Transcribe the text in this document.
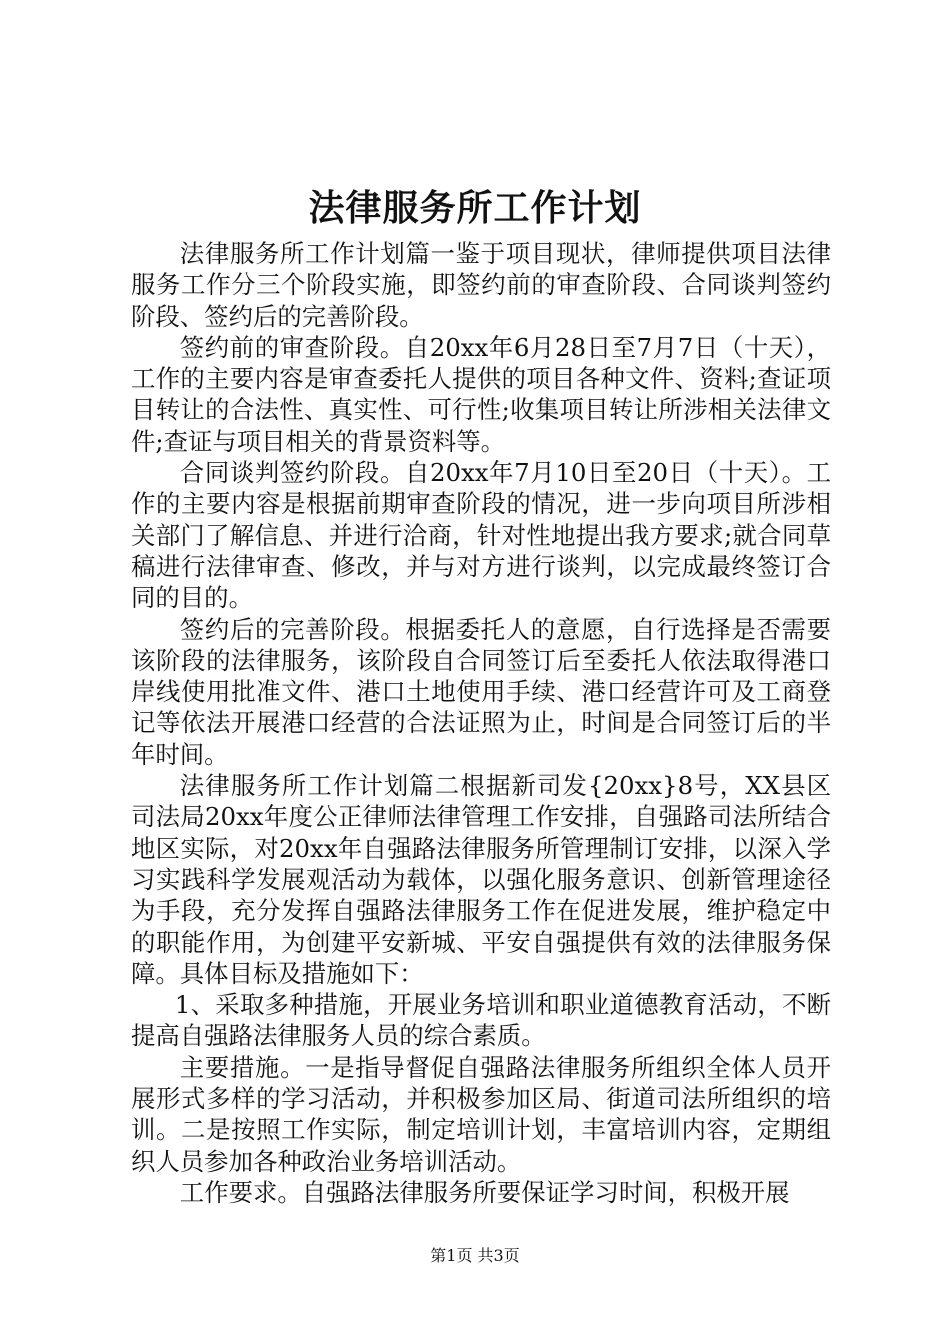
法律服务所工作计划

法律服务所工作计划篇一鉴于项目现状，律师提供项目法律服务工作分三个阶段实施，即签约前的审查阶段、合同谈判签约阶段、签约后的完善阶段。

签约前的审查阶段。自20xx年6月28日至7月7日（十天），工作的主要内容是审查委托人提供的项目各种文件、资料;查证项目转让的合法性、真实性、可行性;收集项目转让所涉相关法律文件;查证与项目相关的背景资料等。

合同谈判签约阶段。自20xx年7月10日至20日（十天）。工作的主要内容是根据前期审查阶段的情况，进一步向项目所涉相关部门了解信息、并进行洽商，针对性地提出我方要求;就合同草稿进行法律审查、修改，并与对方进行谈判，以完成最终签订合同的目的。

签约后的完善阶段。根据委托人的意愿，自行选择是否需要该阶段的法律服务，该阶段自合同签订后至委托人依法取得港口岸线使用批准文件、港口土地使用手续、港口经营许可及工商登记等依法开展港口经营的合法证照为止，时间是合同签订后的半年时间。

法律服务所工作计划篇二根据新司发{20xx}8号，XX县区司法局20xx年度公正律师法律管理工作安排，自强路司法所结合地区实际，对20xx年自强路法律服务所管理制订安排，以深入学习实践科学发展观活动为载体，以强化服务意识、创新管理途径为手段，充分发挥自强路法律服务工作在促进发展，维护稳定中的职能作用，为创建平安新城、平安自强提供有效的法律服务保障。具体目标及措施如下：

1、采取多种措施，开展业务培训和职业道德教育活动，不断提高自强路法律服务人员的综合素质。

主要措施。一是指导督促自强路法律服务所组织全体人员开展形式多样的学习活动，并积极参加区局、街道司法所组织的培训。二是按照工作实际，制定培训计划，丰富培训内容，定期组织人员参加各种政治业务培训活动。

工作要求。自强路法律服务所要保证学习时间，积极开展

第1页 共3页
